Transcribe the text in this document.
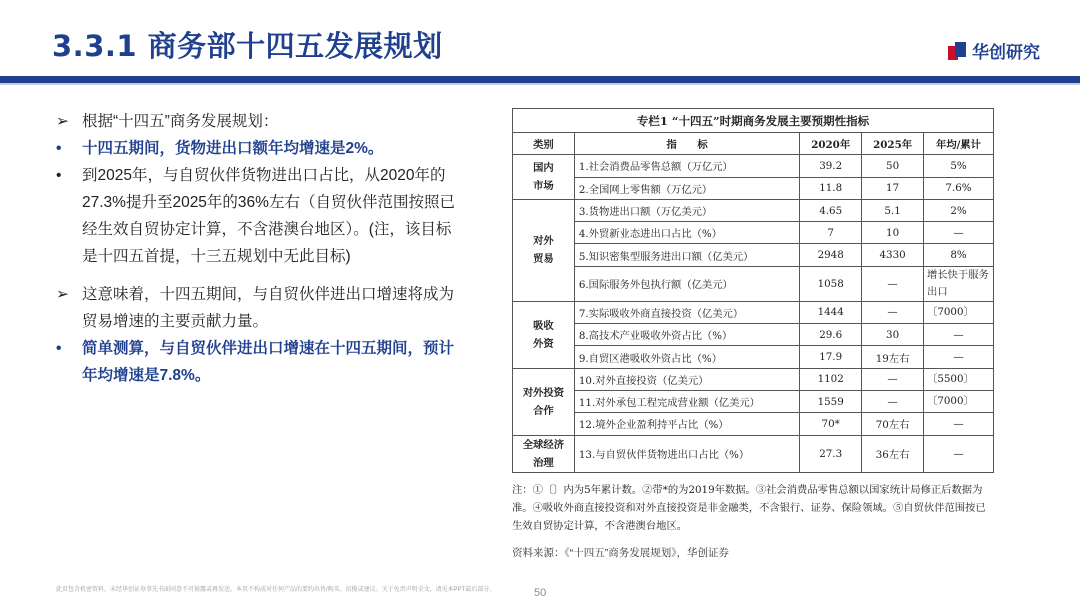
3.3.1 商务部十四五发展规划	华创研究
➢ 根据“十四五”商务发展规划：
•	十四五期间，货物进出口额年均增速是2%。
•	到2025年，与自贸伙伴货物进出口占比，从2020年的27.3%提升至2025年的36%左右（自贸伙伴范围按照已经生效自贸协定计算，不含港澳台地区）。(注，该目标是十四五首提，十三五规划中无此目标)
➢ 这意味着，十四五期间，与自贸伙伴进出口增速将成为贸易增速的主要贡献力量。
•	简单测算，与自贸伙伴进出口增速在十四五期间，预计年均增速是7.8%。
专栏1 “十四五”时期商务发展主要预期性指标				
类别	指　　标	2020年	2025年	年均/累计

国内
市场	1.社会消费品零售总额（万亿元）	39.2	50	5%
	2.全国网上零售额（万亿元）	11.8	17	7.6%

对外
贸易	3.货物进出口额（万亿美元）	4.65	5.1	2%
	4.外贸新业态进出口占比（%）	7	10	—
	5.知识密集型服务进出口额（亿美元）	2948	4330	8%
	6.国际服务外包执行额（亿美元）	1058	—	增长快于服务出口

吸收
外资	7.实际吸收外商直接投资（亿美元）	1444	—	〔7000〕
	8.高技术产业吸收外资占比（%）	29.6	30	—
	9.自贸区港吸收外资占比（%）	17.9	19左右	—

对外投资
合作	10.对外直接投资（亿美元）	1102	—	〔5500〕
	11.对外承包工程完成营业额（亿美元）	1559	—	〔7000〕
	12.境外企业盈利持平占比（%）	70*	70左右	—

全球经济
治理	13.与自贸伙伴货物进出口占比（%）	27.3	36左右	—
注：①〔〕内为5年累计数。②带*的为2019年数据。③社会消费品零售总额以国家统计局修正后数据为准。④吸收外商直接投资和对外直接投资是非金融类，不含银行、证券、保险领域。⑤自贸伙伴范围按已生效自贸协定计算，不含港澳台地区。
资料来源：《“十四五”商务发展规划》，华创证券
此页包含机密资料，未经华创证券事先书面同意不可披露或再发送。本页不构成对任何产品的要约出售/购买、招揽或建议。关于免责声明全文，请见本PPT最后部分。	50
